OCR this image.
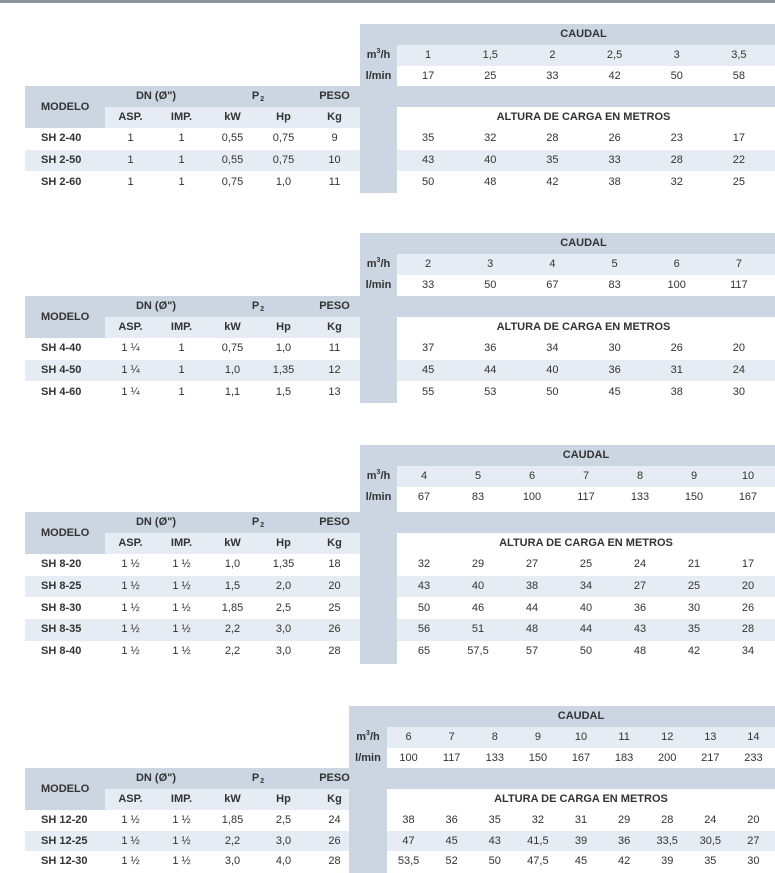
CAUDAL
m 3 /h	1	1,5	2	2,5	3	3,5
l/min	17	25	33	42	50	58
MODELO
DN (Ø")	P 2	PESO
ASP.	IMP.	kW	Hp	Kg	ALTURA DE CARGA EN METROS
SH 2-40	1	1	0,55	0,75	9	35	32	28	26	23	17
SH 2-50	1	1	0,55	0,75	10	43	40	35	33	28	22
SH 2-60	1	1	0,75	1,0	11	50	48	42	38	32	25
CAUDAL
m 3 /h	2	3	4	5	6	7
l/min	33	50	67	83	100	117
MODELO
DN (Ø")	P 2	PESO
ASP.	IMP.	kW	Hp	Kg	ALTURA DE CARGA EN METROS
SH 4-40	1 ¼	1	0,75	1,0	11	37	36	34	30	26	20
SH 4-50	1 ¼	1	1,0	1,35	12	45	44	40	36	31	24
SH 4-60	1 ¼	1	1,1	1,5	13	55	53	50	45	38	30
CAUDAL
m 3 /h	4	5	6	7	8	9	10
l/min	67	83	100	117	133	150	167
MODELO
DN (Ø")	P 2	PESO
ASP.	IMP.	kW	Hp	Kg	ALTURA DE CARGA EN METROS
SH 8-20	1 ½	1 ½	1,0	1,35	18	32	29	27	25	24	21	17
SH 8-25	1 ½	1 ½	1,5	2,0	20	43	40	38	34	27	25	20
SH 8-30	1 ½	1 ½	1,85	2,5	25	50	46	44	40	36	30	26
SH 8-35	1 ½	1 ½	2,2	3,0	26	56	51	48	44	43	35	28
SH 8-40	1 ½	1 ½	2,2	3,0	28	65	57,5	57	50	48	42	34
CAUDAL
m 3 /h	6	7	8	9	10	11	12	13	14
l/min	100	117	133	150	167	183	200	217	233
MODELO
DN (Ø")	P 2	PESO
ASP.	IMP.	kW	Hp	Kg	ALTURA DE CARGA EN METROS
SH 12-20	1 ½	1 ½	1,85	2,5	24	38	36	35	32	31	29	28	24	20
SH 12-25	1 ½	1 ½	2,2	3,0	26	47	45	43	41,5	39	36	33,5	30,5	27
SH 12-30	1 ½	1 ½	3,0	4,0	28	53,5	52	50	47,5	45	42	39	35	30
